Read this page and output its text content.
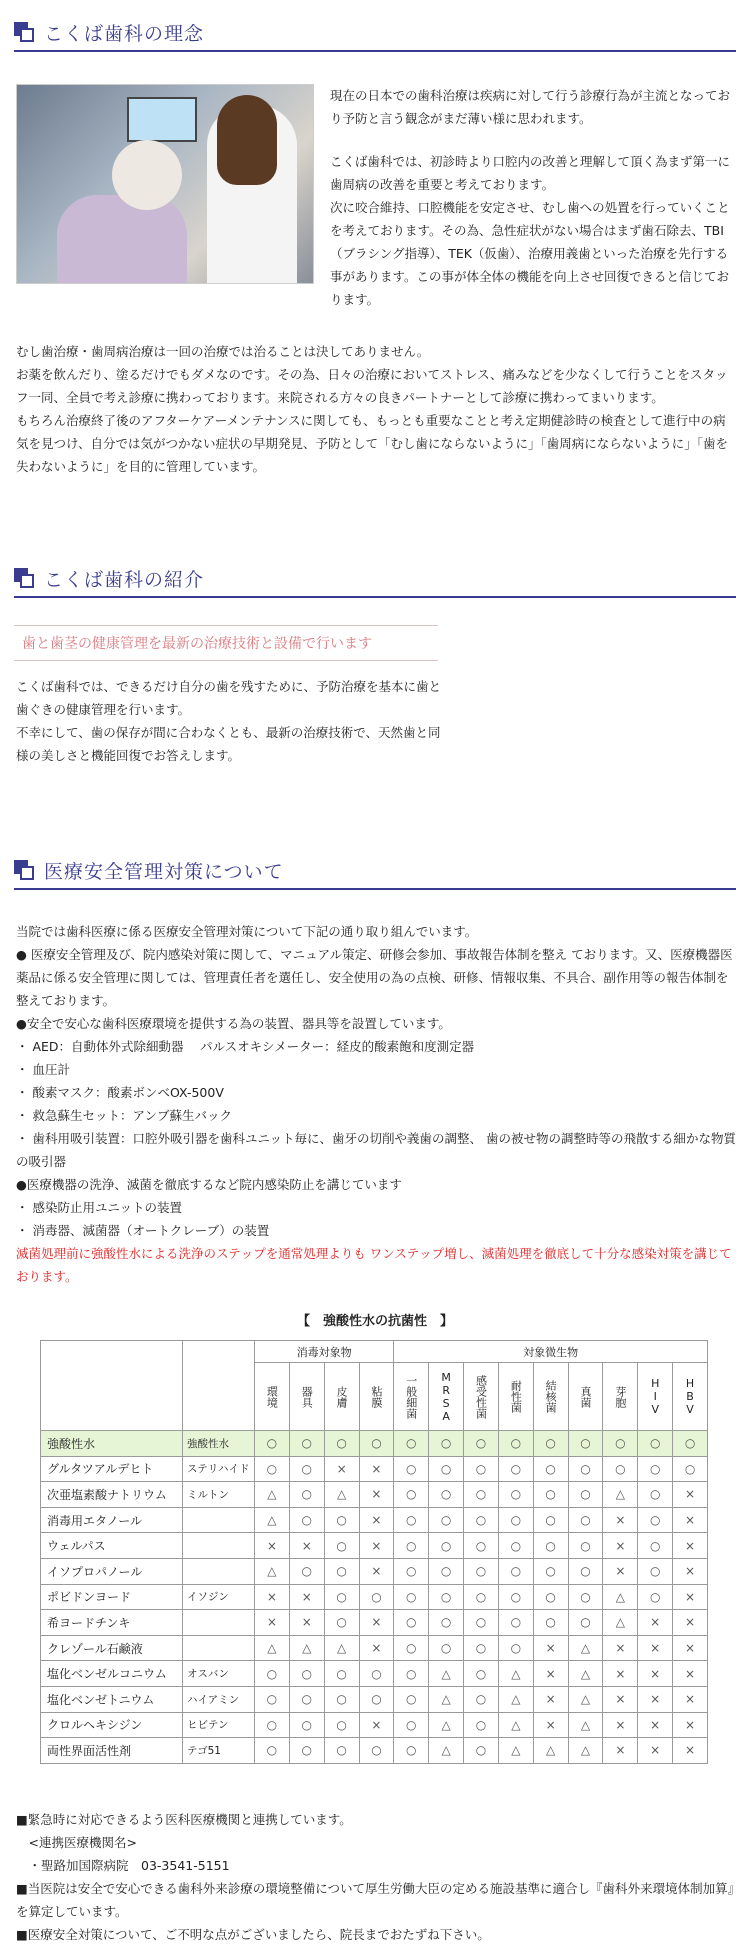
こくば歯科の理念

現在の日本での歯科治療は疾病に対して行う診療行為が主流となっており予防と言う観念がまだ薄い様に思われます。

こくば歯科では、初診時より口腔内の改善と理解して頂く為まず第一に歯周病の改善を重要と考えております。

次に咬合維持、口腔機能を安定させ、むし歯への処置を行っていくことを考えております。その為、急性症状がない場合はまず歯石除去、TBI（ブラシング指導）、TEK（仮歯）、治療用義歯といった治療を先行する事があります。この事が体全体の機能を向上させ回復できると信じております。

むし歯治療・歯周病治療は一回の治療では治ることは決してありません。

お薬を飲んだり、塗るだけでもダメなのです。その為、日々の治療においてストレス、痛みなどを少なくして行うことをスタッフ一同、全員で考え診療に携わっております。来院される方々の良きパートナーとして診療に携わってまいります。

もちろん治療終了後のアフターケアーメンテナンスに関しても、もっとも重要なことと考え定期健診時の検査として進行中の病気を見つけ、自分では気がつかない症状の早期発見、予防として「むし歯にならないように」「歯周病にならないように」「歯を失わないように」を目的に管理しています。

こくば歯科の紹介
歯と歯茎の健康管理を最新の治療技術と設備で行います

こくば歯科では、できるだけ自分の歯を残すために、予防治療を基本に歯と歯ぐきの健康管理を行います。

不幸にして、歯の保存が間に合わなくとも、最新の治療技術で、天然歯と同様の美しさと機能回復でお答えします。

医療安全管理対策について

当院では歯科医療に係る医療安全管理対策について下記の通り取り組んでいます。

● 医療安全管理及び、院内感染対策に関して、マニュアル策定、研修会参加、事故報告体制を整え ております。又、医療機器医薬品に係る安全管理に関しては、管理責任者を選任し、安全使用の為の点検、研修、情報収集、不具合、副作用等の報告体制を整えております。

●安全で安心な歯科医療環境を提供する為の装置、器具等を設置しています。

・ AED：自動体外式除細動器　 パルスオキシメーター：経皮的酸素飽和度測定器

・ 血圧計

・ 酸素マスク：酸素ボンベOX-500V

・ 救急蘇生セット：アンブ蘇生バック

・ 歯科用吸引装置：口腔外吸引器を歯科ユニット毎に、歯牙の切削や義歯の調整、 歯の被せ物の調整時等の飛散する細かな物質の吸引器

●医療機器の洗浄、滅菌を徹底するなど院内感染防止を講じています

・ 感染防止用ユニットの装置

・ 消毒器、滅菌器（オートクレーブ）の装置

滅菌処理前に強酸性水による洗浄のステップを通常処理よりも ワンステップ増し、滅菌処理を徹底して十分な感染対策を講じております。

【　強酸性水の抗菌性　】
		消毒対象物				対象微生物								
		環境	器具	皮膚	粘膜	一般細菌	MRSA	感受性菌	耐性菌	結核菌	真菌	芽胞	HIV	HBV
強酸性水	強酸性水	○	○	○	○	○	○	○	○	○	○	○	○	○
グルタツアルデヒト	ステリハイド	○	○	×	×	○	○	○	○	○	○	○	○	○
次亜塩素酸ナトリウム	ミルトン	△	○	△	×	○	○	○	○	○	○	△	○	×
消毒用エタノール		△	○	○	×	○	○	○	○	○	○	×	○	×
ウェルパス		×	×	○	×	○	○	○	○	○	○	×	○	×
イソプロパノール		△	○	○	×	○	○	○	○	○	○	×	○	×
ポビドンヨード	イソジン	×	×	○	○	○	○	○	○	○	○	△	○	×
希ヨードチンキ		×	×	○	×	○	○	○	○	○	○	△	×	×
クレゾール石鹸液		△	△	△	×	○	○	○	○	×	△	×	×	×
塩化ベンゼルコニウム	オスバン	○	○	○	○	○	△	○	△	×	△	×	×	×
塩化ベンゼトニウム	ハイアミン	○	○	○	○	○	△	○	△	×	△	×	×	×
クロルヘキシジン	ヒビテン	○	○	○	×	○	△	○	△	×	△	×	×	×
両性界面活性剤	テゴ51	○	○	○	○	○	△	○	△	△	△	×	×	×

■緊急時に対応できるよう医科医療機関と連携しています。

　<連携医療機関名>

　・聖路加国際病院　03-3541-5151

■当医院は安全で安心できる歯科外来診療の環境整備について厚生労働大臣の定める施設基準に適合し『歯科外来環境体制加算』を算定しています。

■医療安全対策について、ご不明な点がございましたら、院長までおたずね下さい。
